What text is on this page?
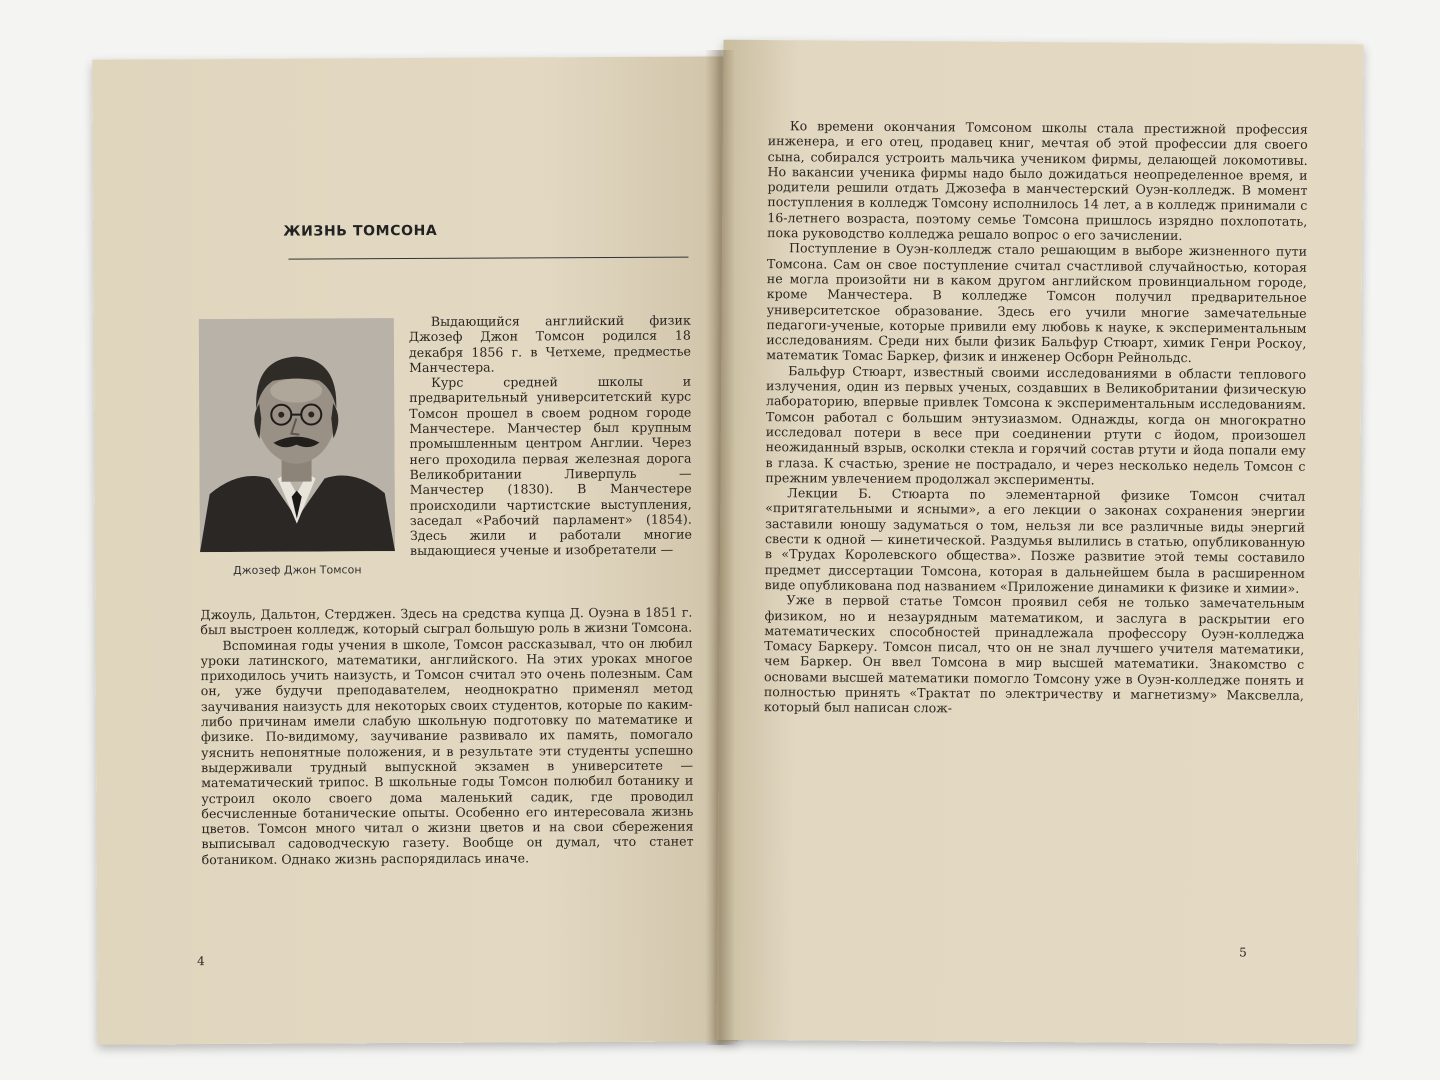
ЖИЗНЬ ТОМСОНА
Джозеф Джон Томсон

Выдающийся английский физик Джозеф Джон Томсон родился 18 декабря 1856 г. в Четхеме, предместье Манчестера.

Курс средней школы и предварительный университетский курс Томсон прошел в своем родном городе Манчестере. Манчестер был крупным промышленным центром Англии. Через него проходила первая железная дорога Великобритании Ливерпуль — Манчестер (1830). В Манчестере происходили чартистские выступления, заседал «Рабочий парламент» (1854). Здесь жили и работали многие выдающиеся ученые и изобретатели —

Джоуль, Дальтон, Стерджен. Здесь на средства купца Д. Оуэна в 1851 г. был выстроен колледж, который сыграл большую роль в жизни Томсона.

Вспоминая годы учения в школе, Томсон рассказывал, что он любил уроки латинского, математики, английского. На этих уроках многое приходилось учить наизусть, и Томсон считал это очень полезным. Сам он, уже будучи преподавателем, неоднократно применял метод заучивания наизусть для некоторых своих студентов, которые по каким-либо причинам имели слабую школьную подготовку по математике и физике. По-видимому, заучивание развивало их память, помогало уяснить непонятные положения, и в результате эти студенты успешно выдерживали трудный выпускной экзамен в университете — математический трипос. В школьные годы Томсон полюбил ботанику и устроил около своего дома маленький садик, где проводил бесчисленные ботанические опыты. Особенно его интересовала жизнь цветов. Томсон много читал о жизни цветов и на свои сбережения выписывал садоводческую газету. Вообще он думал, что станет ботаником. Однако жизнь распорядилась иначе.

4

Ко времени окончания Томсоном школы стала престижной профессия инженера, и его отец, продавец книг, мечтая об этой профессии для своего сына, собирался устроить мальчика учеником фирмы, делающей локомотивы. Но вакансии ученика фирмы надо было дожидаться неопределенное время, и родители решили отдать Джозефа в манчестерский Оуэн-колледж. В момент поступления в колледж Томсону исполнилось 14 лет, а в колледж принимали с 16-летнего возраста, поэтому семье Томсона пришлось изрядно похлопотать, пока руководство колледжа решало вопрос о его зачислении.

Поступление в Оуэн-колледж стало решающим в выборе жизненного пути Томсона. Сам он свое поступление считал счастливой случайностью, которая не могла произойти ни в каком другом английском провинциальном городе, кроме Манчестера. В колледже Томсон получил предварительное университетское образование. Здесь его учили многие замечательные педагоги-ученые, которые привили ему любовь к науке, к экспериментальным исследованиям. Среди них были физик Бальфур Стюарт, химик Генри Роскоу, математик Томас Баркер, физик и инженер Осборн Рейнольдс.

Бальфур Стюарт, известный своими исследованиями в области теплового излучения, один из первых ученых, создавших в Великобритании физическую лабораторию, впервые привлек Томсона к экспериментальным исследованиям. Томсон работал с большим энтузиазмом. Однажды, когда он многократно исследовал потери в весе при соединении ртути с йодом, произошел неожиданный взрыв, осколки стекла и горячий состав ртути и йода попали ему в глаза. К счастью, зрение не пострадало, и через несколько недель Томсон с прежним увлечением продолжал эксперименты.

Лекции Б. Стюарта по элементарной физике Томсон считал «притягательными и ясными», а его лекции о законах сохранения энергии заставили юношу задуматься о том, нельзя ли все различные виды энергий свести к одной — кинетической. Раздумья вылились в статью, опубликованную в «Трудах Королевского общества». Позже развитие этой темы составило предмет диссертации Томсона, которая в дальнейшем была в расширенном виде опубликована под названием «Приложение динамики к физике и химии».

Уже в первой статье Томсон проявил себя не только замечательным физиком, но и незаурядным математиком, и заслуга в раскрытии его математических способностей принадлежала профессору Оуэн-колледжа Томасу Баркеру. Томсон писал, что он не знал лучшего учителя математики, чем Баркер. Он ввел Томсона в мир высшей математики. Знакомство с основами высшей математики помогло Томсону уже в Оуэн-колледже понять и полностью принять «Трактат по электричеству и магнетизму» Максвелла, который был написан слож-

5
